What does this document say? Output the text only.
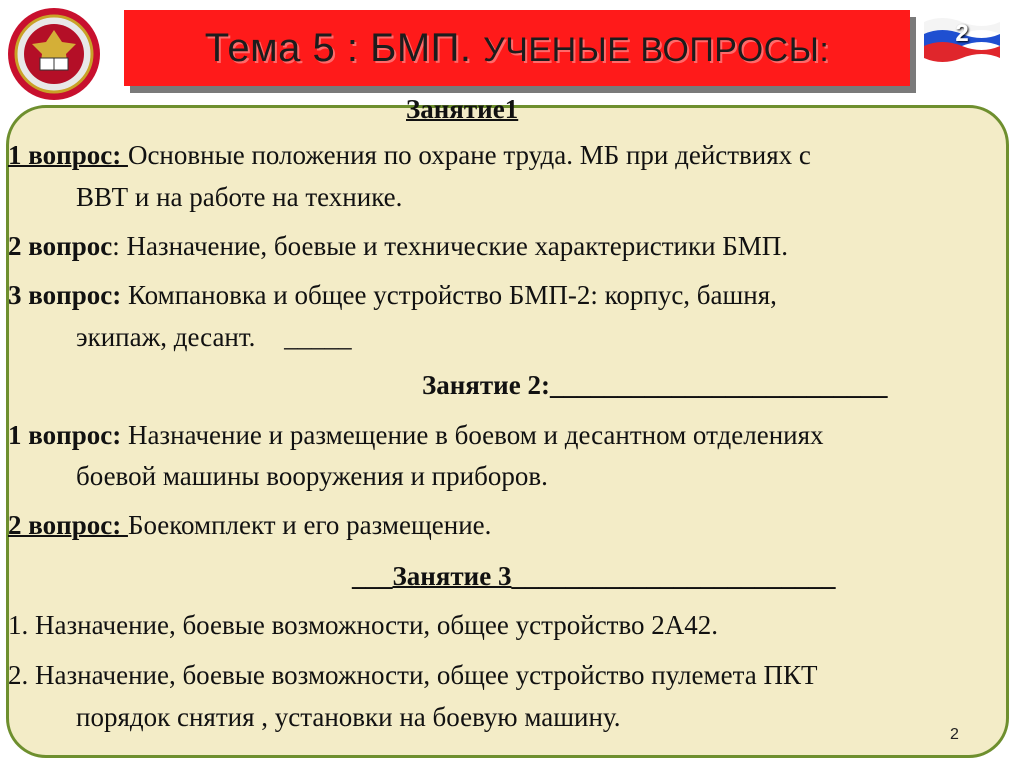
Тема 5 : БМП. УЧЕНЫЕ ВОПРОСЫ:	2
Занятие1
1 вопрос: Основные положения по охране труда. МБ при действиях с
ВВТ и на работе на технике.
2 вопрос: Назначение, боевые и технические характеристики БМП.
3 вопрос: Компановка и общее устройство БМП-2: корпус, башня,
экипаж, десант. _____
Занятие 2:_________________________
1 вопрос: Назначение и размещение в боевом и десантном отделениях
боевой машины вооружения и приборов.
2 вопрос: Боекомплект и его размещение.
___Занятие 3________________________
1. Назначение, боевые возможности, общее устройство 2А42.
2. Назначение, боевые возможности, общее устройство пулемета ПКТ
порядок снятия , установки на боевую машину.
2
